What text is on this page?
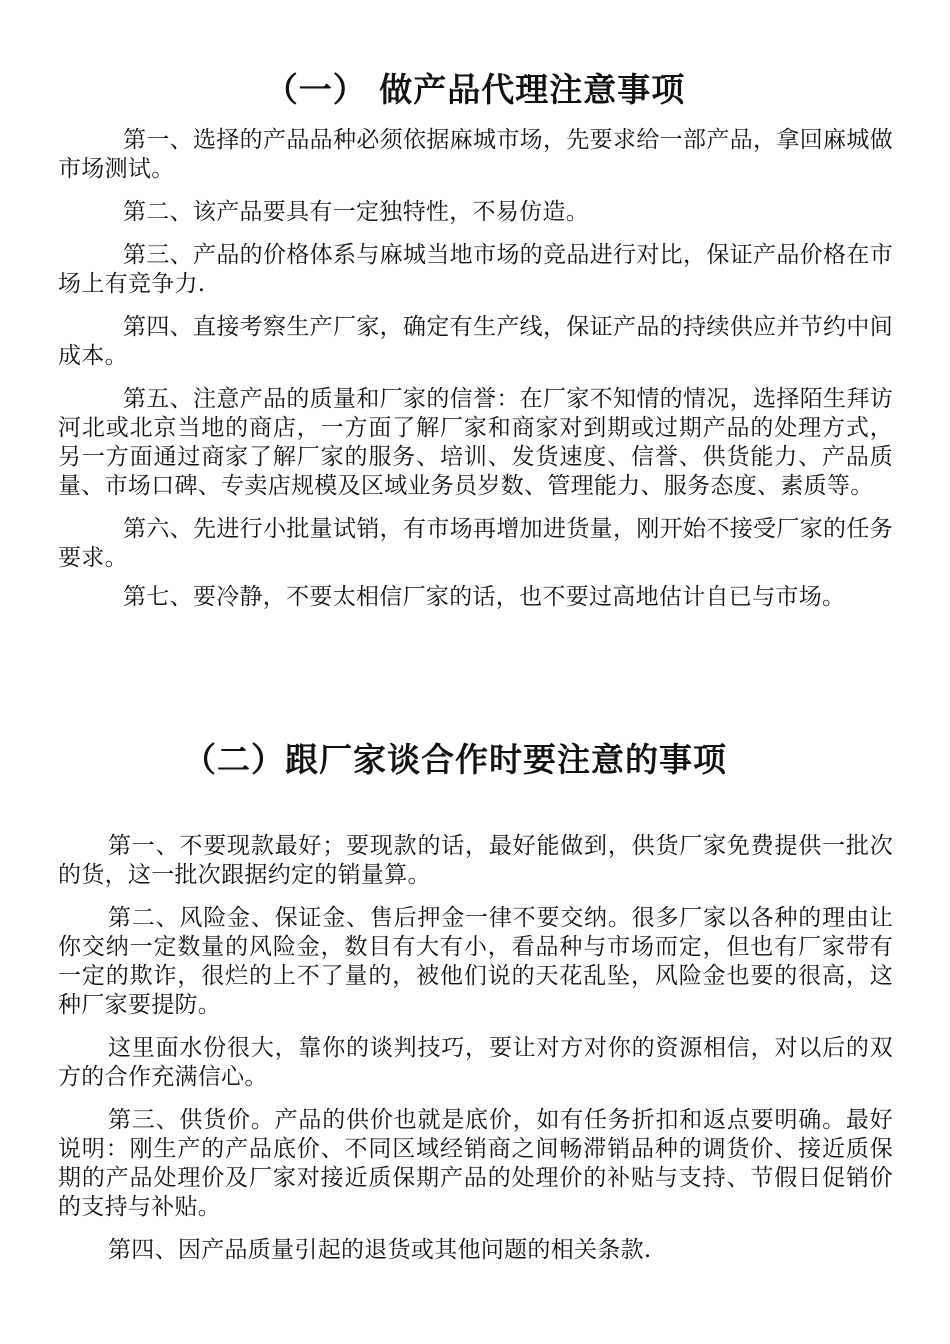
（一） 做产品代理注意事项

第一、选择的产品品种必须依据麻城市场，先要求给一部产品，拿回麻城做市场测试。

第二、该产品要具有一定独特性，不易仿造。

第三、产品的价格体系与麻城当地市场的竞品进行对比，保证产品价格在市场上有竞争力.

第四、直接考察生产厂家，确定有生产线，保证产品的持续供应并节约中间成本。

第五、注意产品的质量和厂家的信誉：在厂家不知情的情况，选择陌生拜访河北或北京当地的商店，一方面了解厂家和商家对到期或过期产品的处理方式，另一方面通过商家了解厂家的服务、培训、发货速度、信誉、供货能力、产品质量、市场口碑、专卖店规模及区域业务员岁数、管理能力、服务态度、素质等。

第六、先进行小批量试销，有市场再增加进货量，刚开始不接受厂家的任务要求。

第七、要冷静，不要太相信厂家的话，也不要过高地估计自已与市场。

（二）跟厂家谈合作时要注意的事项

第一、不要现款最好；要现款的话，最好能做到，供货厂家免费提供一批次的货，这一批次跟据约定的销量算。

第二、风险金、保证金、售后押金一律不要交纳。很多厂家以各种的理由让你交纳一定数量的风险金，数目有大有小，看品种与市场而定，但也有厂家带有一定的欺诈，很烂的上不了量的，被他们说的天花乱坠，风险金也要的很高，这种厂家要提防。

这里面水份很大，靠你的谈判技巧，要让对方对你的资源相信，对以后的双方的合作充满信心。

第三、供货价。产品的供价也就是底价，如有任务折扣和返点要明确。最好说明：刚生产的产品底价、不同区域经销商之间畅滞销品种的调货价、接近质保期的产品处理价及厂家对接近质保期产品的处理价的补贴与支持、节假日促销价的支持与补贴。

第四、因产品质量引起的退货或其他问题的相关条款.
